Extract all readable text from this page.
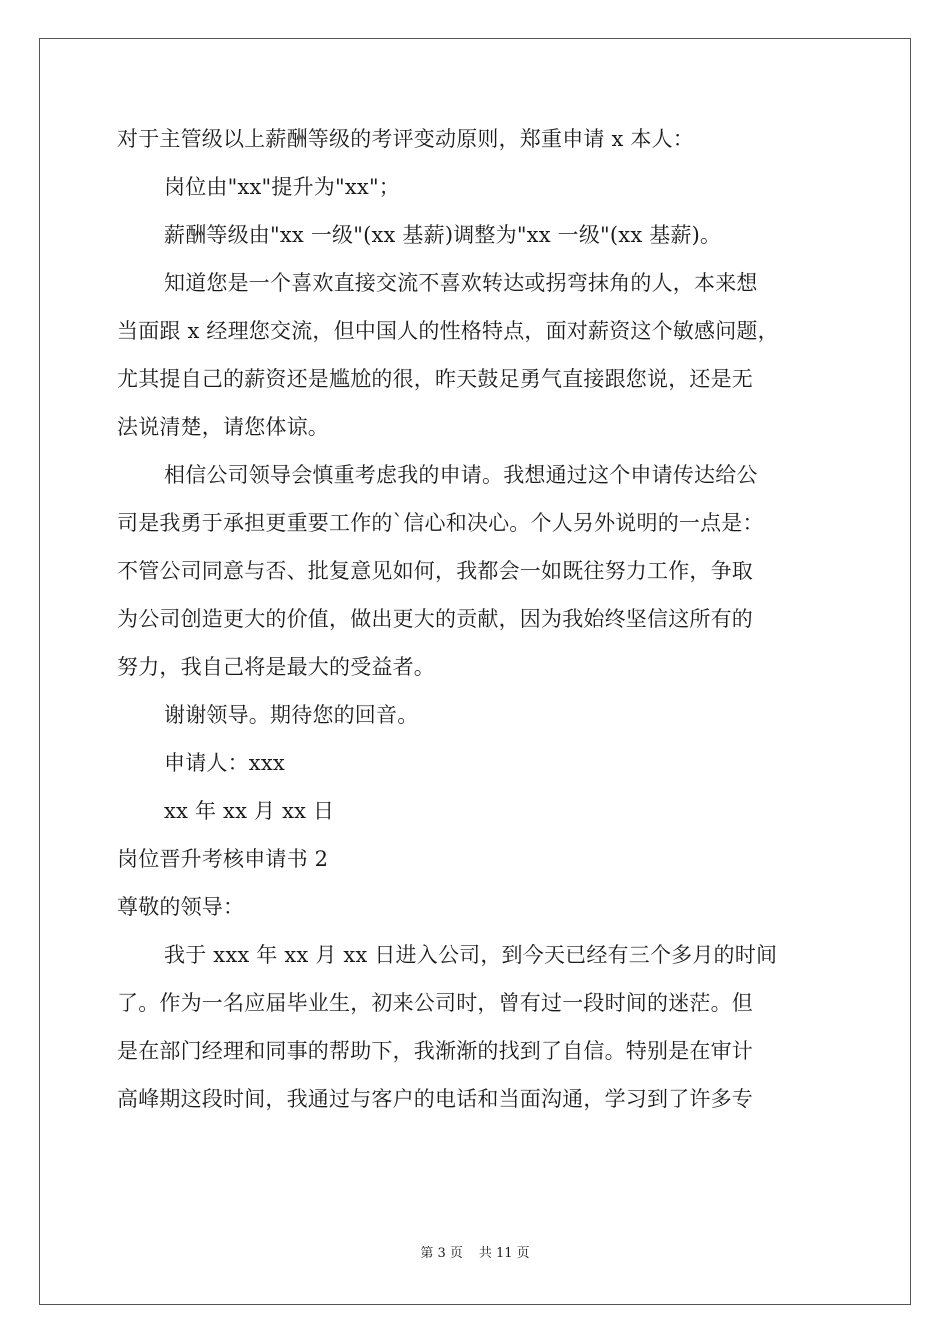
对于主管级以上薪酬等级的考评变动原则，郑重申请 x 本人：
岗位由"xx"提升为"xx"；
薪酬等级由"xx 一级"(xx 基薪)调整为"xx 一级"(xx 基薪)。
知道您是一个喜欢直接交流不喜欢转达或拐弯抹角的人，本来想
当面跟 x 经理您交流，但中国人的性格特点，面对薪资这个敏感问题，
尤其提自己的薪资还是尴尬的很，昨天鼓足勇气直接跟您说，还是无
法说清楚，请您体谅。
相信公司领导会慎重考虑我的申请。我想通过这个申请传达给公
司是我勇于承担更重要工作的`信心和决心。个人另外说明的一点是：
不管公司同意与否、批复意见如何，我都会一如既往努力工作，争取
为公司创造更大的价值，做出更大的贡献，因为我始终坚信这所有的
努力，我自己将是最大的受益者。
谢谢领导。期待您的回音。
申请人：xxx
xx 年 xx 月 xx 日
岗位晋升考核申请书 2
尊敬的领导：
我于 xxx 年 xx 月 xx 日进入公司，到今天已经有三个多月的时间
了。作为一名应届毕业生，初来公司时，曾有过一段时间的迷茫。但
是在部门经理和同事的帮助下，我渐渐的找到了自信。特别是在审计
高峰期这段时间，我通过与客户的电话和当面沟通，学习到了许多专
第 3 页 共 11 页
